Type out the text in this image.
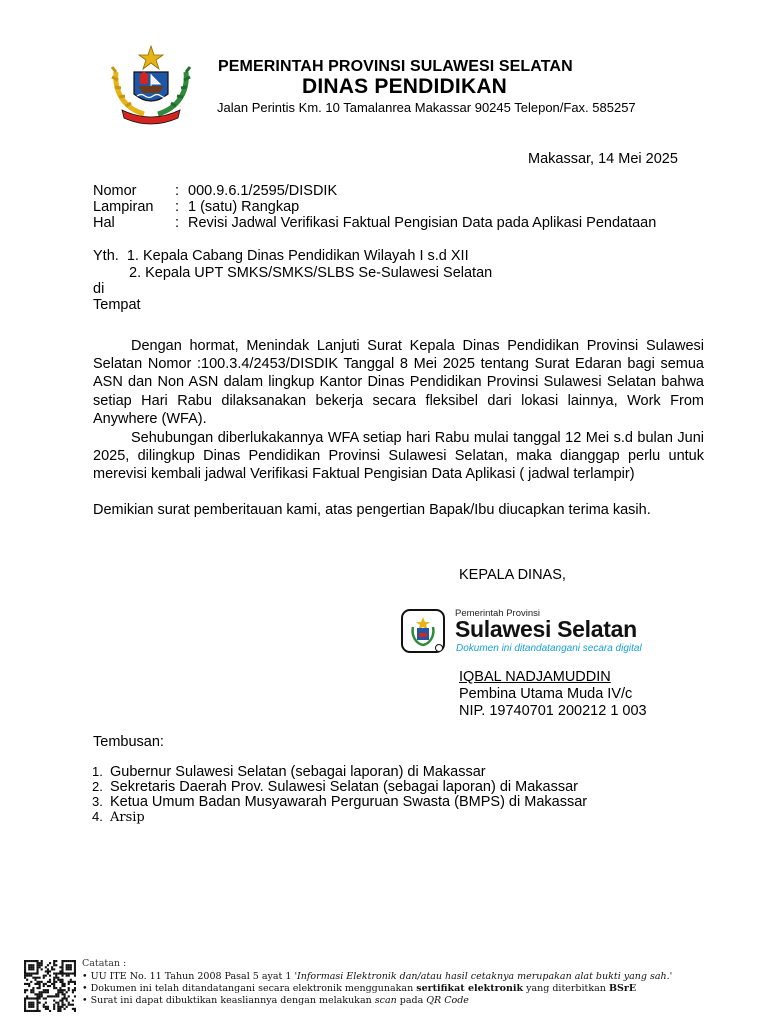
PEMERINTAH PROVINSI SULAWESI SELATAN
DINAS PENDIDIKAN
Jalan Perintis Km. 10 Tamalanrea Makassar 90245 Telepon/Fax. 585257
Makassar, 14 Mei 2025
Nomor	: 000.9.6.1/2595/DISDIK
Lampiran : 1 (satu) Rangkap
Hal	: Revisi Jadwal Verifikasi Faktual Pengisian Data pada Aplikasi Pendataan
Yth.  1. Kepala Cabang Dinas Pendidikan Wilayah I s.d XII
2. Kepala UPT SMKS/SMKS/SLBS Se-Sulawesi Selatan
di
Tempat
Dengan hormat, Menindak Lanjuti Surat Kepala Dinas Pendidikan Provinsi Sulawesi Selatan Nomor :100.3.4/2453/DISDIK Tanggal 8 Mei 2025 tentang Surat Edaran bagi semua ASN dan Non ASN dalam lingkup Kantor Dinas Pendidikan Provinsi Sulawesi Selatan bahwa setiap Hari Rabu dilaksanakan bekerja secara fleksibel dari lokasi lainnya, Work From Anywhere (WFA).
Sehubungan diberlukakannya WFA setiap hari Rabu mulai tanggal 12 Mei s.d bulan Juni 2025, dilingkup Dinas Pendidikan Provinsi Sulawesi Selatan, maka dianggap perlu untuk merevisi kembali jadwal Verifikasi Faktual Pengisian Data Aplikasi ( jadwal terlampir)
Demikian surat pemberitauan kami, atas pengertian Bapak/Ibu diucapkan terima kasih.
KEPALA DINAS,
Pemerintah Provinsi
Sulawesi Selatan
Dokumen ini ditandatangani secara digital
IQBAL NADJAMUDDIN
Pembina Utama Muda IV/c
NIP. 19740701 200212 1 003
Tembusan:
1. Gubernur Sulawesi Selatan (sebagai laporan) di Makassar
2. Sekretaris Daerah Prov. Sulawesi Selatan (sebagai laporan) di Makassar
3. Ketua Umum Badan Musyawarah Perguruan Swasta (BMPS) di Makassar
4. Arsip
Catatan :
• UU ITE No. 11 Tahun 2008 Pasal 5 ayat 1 'Informasi Elektronik dan/atau hasil cetaknya merupakan alat bukti yang sah.'
• Dokumen ini telah ditandatangani secara elektronik menggunakan sertifikat elektronik yang diterbitkan BSrE
• Surat ini dapat dibuktikan keasliannya dengan melakukan scan pada QR Code
